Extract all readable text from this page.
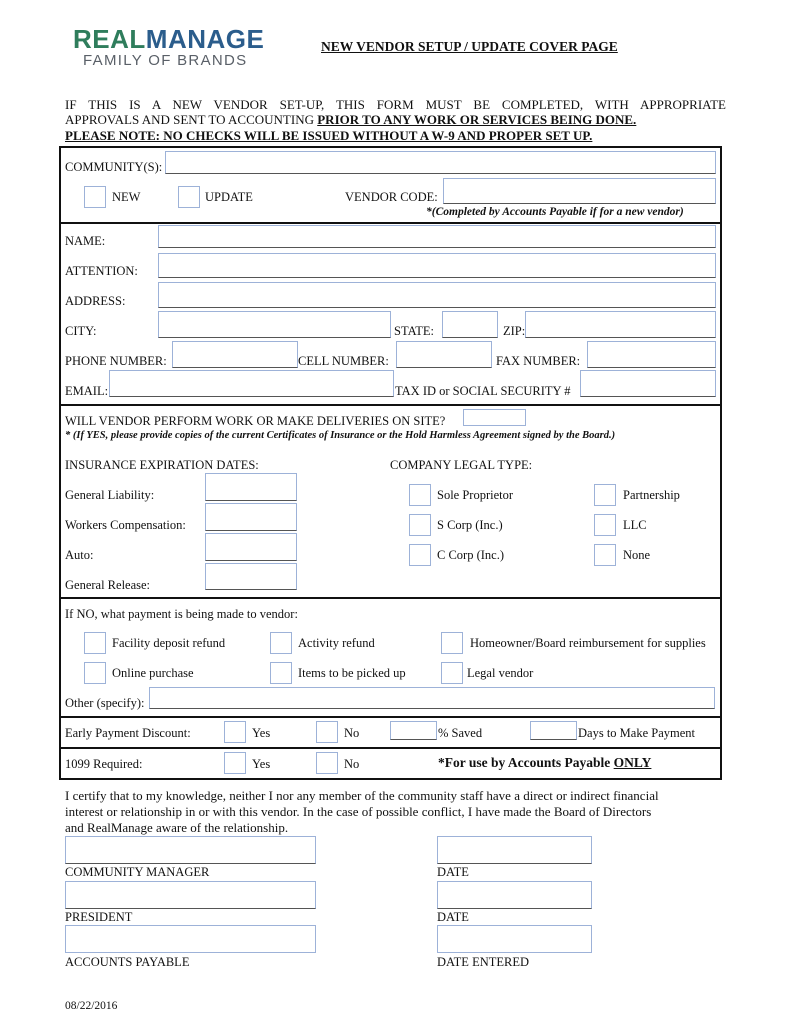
REALMANAGE
FAMILY OF BRANDS
NEW VENDOR SETUP / UPDATE COVER PAGE
IF THIS IS A NEW VENDOR SET-UP, THIS FORM MUST BE COMPLETED, WITH APPROPRIATE
APPROVALS AND SENT TO ACCOUNTING PRIOR TO ANY WORK OR SERVICES BEING DONE.
PLEASE NOTE: NO CHECKS WILL BE ISSUED WITHOUT A W-9 AND PROPER SET UP.
COMMUNITY(S):
NEW	UPDATE	VENDOR CODE:
*(Completed by Accounts Payable if for a new vendor)
NAME:
ATTENTION:
ADDRESS:
CITY:	STATE:	ZIP:
PHONE NUMBER:	CELL NUMBER:	FAX NUMBER:
EMAIL:	TAX ID or SOCIAL SECURITY #
WILL VENDOR PERFORM WORK OR MAKE DELIVERIES ON SITE?
* (If YES, please provide copies of the current Certificates of Insurance or the Hold Harmless Agreement signed by the Board.)
INSURANCE EXPIRATION DATES:	COMPANY LEGAL TYPE:
General Liability:
Workers Compensation:
Auto:
General Release:
Sole Proprietor	Partnership
S Corp (Inc.)	LLC
C Corp (Inc.)	None
If NO, what payment is being made to vendor:
Facility deposit refund	Activity refund	Homeowner/Board reimbursement for supplies
Online purchase	Items to be picked up	Legal vendor
Other (specify):
Early Payment Discount:	Yes	No	% Saved	Days to Make Payment
1099 Required:	Yes	No	*For use by Accounts Payable ONLY
I certify that to my knowledge, neither I nor any member of the community staff have a direct or indirect financial
interest or relationship in or with this vendor. In the case of possible conflict, I have made the Board of Directors
and RealManage aware of the relationship.
COMMUNITY MANAGER	DATE
PRESIDENT	DATE
ACCOUNTS PAYABLE	DATE ENTERED
08/22/2016
